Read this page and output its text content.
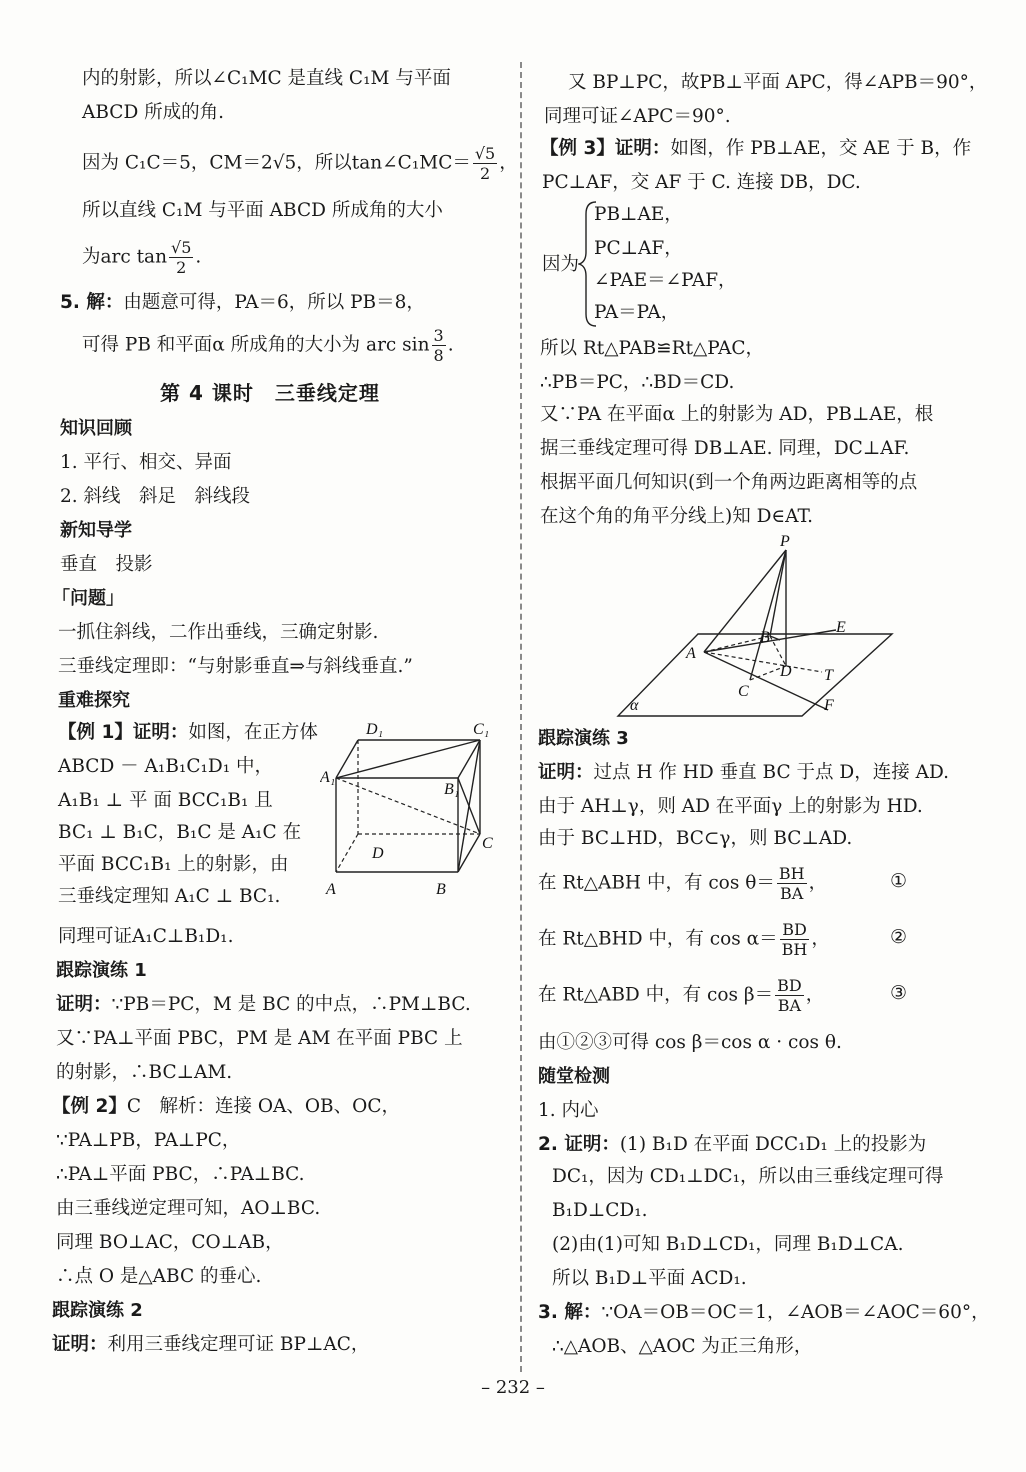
内的射影，所以∠C₁MC 是直线 C₁M 与平面
ABCD 所成的角.
因为 C₁C＝5，CM＝2√5，所以tan∠C₁MC＝ $\frac{√5}{2}$ ，
所以直线 C₁M 与平面 ABCD 所成角的大小
为arc $\tan \frac{√5}{2}$ .
5. 解：由题意可得，PA＝6，所以 PB＝8，
可得 PB 和平面α 所成角的大小为 arc $\sin \frac{3}{8}$ .
第 4 课时　三垂线定理
知识回顾
1. 平行、相交、异面
2. 斜线　斜足　斜线段
新知导学
垂直　投影
「问题」
一抓住斜线，二作出垂线，三确定射影.
三垂线定理即：“与射影垂直⇒与斜线垂直.”
重难探究
【例 1】证明：如图，在正方体
ABCD － A₁B₁C₁D₁ 中，
A₁B₁ ⊥ 平 面 BCC₁B₁ 且
BC₁ ⊥ B₁C，B₁C 是 A₁C 在
平面 BCC₁B₁ 上的射影，由
三垂线定理知 A₁C ⊥ BC₁.
同理可证A₁C⊥B₁D₁.
D₁	C₁
A₁
B₁
D
C
A	B
跟踪演练 1
证明：∵PB＝PC，M 是 BC 的中点，∴PM⊥BC.
又∵PA⊥平面 PBC，PM 是 AM 在平面 PBC 上
的射影，∴BC⊥AM.
【例 2】C　解析：连接 OA、OB、OC，
∵PA⊥PB，PA⊥PC，
∴PA⊥平面 PBC，∴PA⊥BC.
由三垂线逆定理可知，AO⊥BC.
同理 BO⊥AC，CO⊥AB，
∴点 O 是△ABC 的垂心.
跟踪演练 2
证明：利用三垂线定理可证 BP⊥AC，
又 BP⊥PC，故PB⊥平面 APC，得∠APB＝90°，
同理可证∠APC＝90°.
【例 3】证明：如图，作 PB⊥AE，交 AE 于 B，作
PC⊥AF，交 AF 于 C. 连接 DB，DC.
因为
PB⊥AE，
PC⊥AF，
∠PAE＝∠PAF，
PA＝PA，
所以 Rt△PAB≌Rt△PAC，
∴PB＝PC，∴BD＝CD.
又∵PA 在平面α 上的射影为 AD，PB⊥AE，根
据三垂线定理可得 DB⊥AE. 同理，DC⊥AF.
根据平面几何知识(到一个角两边距离相等的点
在这个角的角平分线上)知 D∈AT.
P
E
B
A
D T
C
F
α
跟踪演练 3
证明：过点 H 作 HD 垂直 BC 于点 D，连接 AD.
由于 AH⊥γ，则 AD 在平面γ 上的射影为 HD.
由于 BC⊥HD，BC⊂γ，则 BC⊥AD.
在 Rt△ABH 中，有 $\cos \theta= \frac{BH}{BA}$ ，	①
在 Rt△BHD 中，有 $\cos \alpha= \frac{BD}{BH}$ ，	②
在 Rt△ABD 中，有 $\cos \beta= \frac{BD}{BA}$ ，	③
由①②③可得 cos β＝cos α · cos θ.
随堂检测
1. 内心
2. 证明：(1) B₁D 在平面 DCC₁D₁ 上的投影为
DC₁，因为 CD₁⊥DC₁，所以由三垂线定理可得
B₁D⊥CD₁.
(2)由(1)可知 B₁D⊥CD₁，同理 B₁D⊥CA.
所以 B₁D⊥平面 ACD₁.
3. 解：∵OA＝OB＝OC＝1，∠AOB＝∠AOC＝60°，
∴△AOB、△AOC 为正三角形，
– 232 –
